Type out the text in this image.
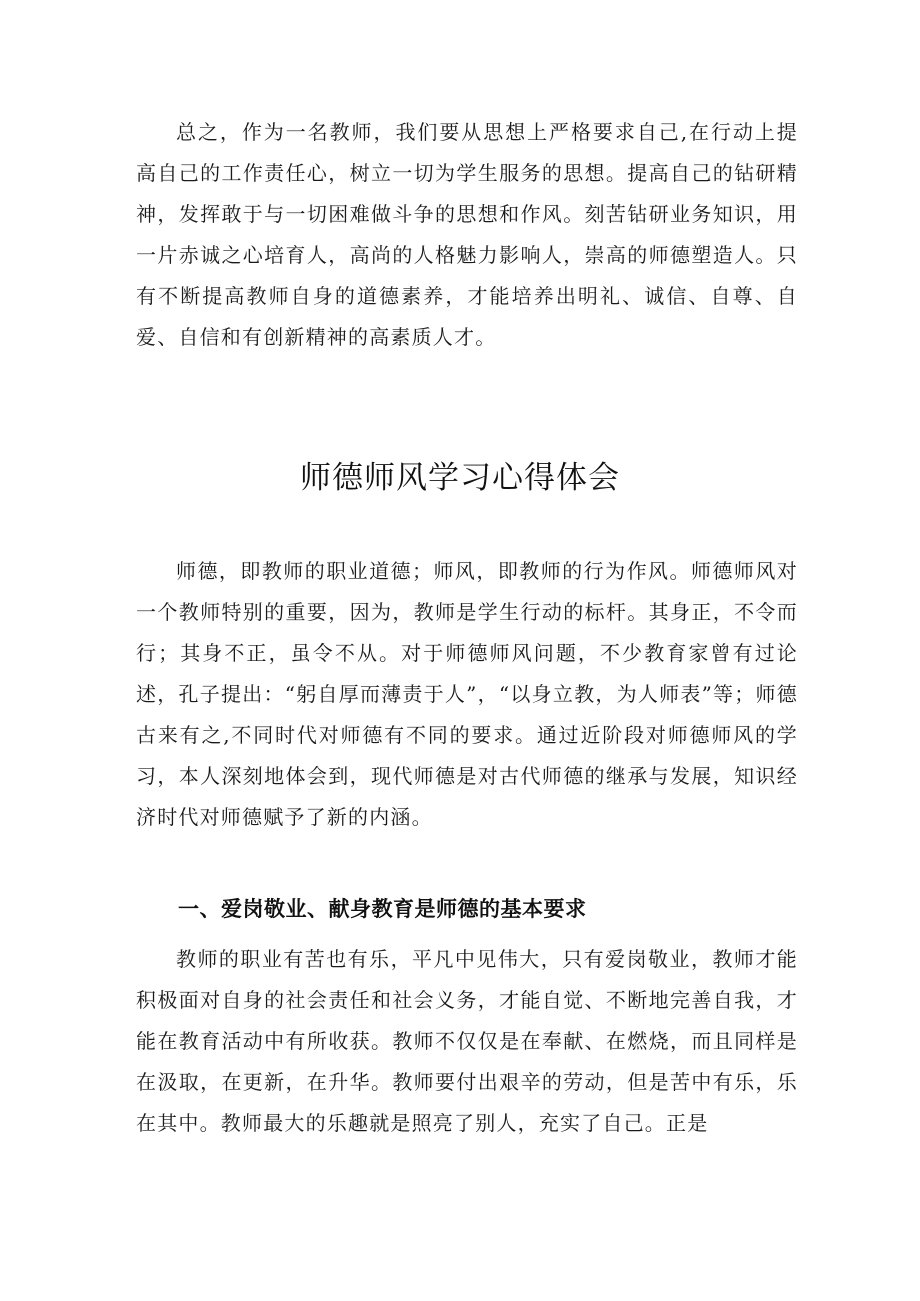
总之，作为一名教师，我们要从思想上严格要求自己,在行动上提高自己的工作责任心，树立一切为学生服务的思想。提高自己的钻研精神，发挥敢于与一切困难做斗争的思想和作风。刻苦钻研业务知识，用一片赤诚之心培育人，高尚的人格魅力影响人，崇高的师德塑造人。只有不断提高教师自身的道德素养，才能培养出明礼、诚信、自尊、自爱、自信和有创新精神的高素质人才。

师德师风学习心得体会

师德，即教师的职业道德；师风，即教师的行为作风。师德师风对一个教师特别的重要，因为，教师是学生行动的标杆。其身正，不令而行；其身不正，虽令不从。对于师德师风问题，不少教育家曾有过论述，孔子提出：“躬自厚而薄责于人”，“以身立教，为人师表”等；师德古来有之,不同时代对师德有不同的要求。通过近阶段对师德师风的学习，本人深刻地体会到，现代师德是对古代师德的继承与发展，知识经济时代对师德赋予了新的内涵。

一、爱岗敬业、献身教育是师德的基本要求

教师的职业有苦也有乐，平凡中见伟大，只有爱岗敬业，教师才能积极面对自身的社会责任和社会义务，才能自觉、不断地完善自我，才能在教育活动中有所收获。教师不仅仅是在奉献、在燃烧，而且同样是在汲取，在更新，在升华。教师要付出艰辛的劳动，但是苦中有乐，乐在其中。教师最大的乐趣就是照亮了别人，充实了自己。正是
